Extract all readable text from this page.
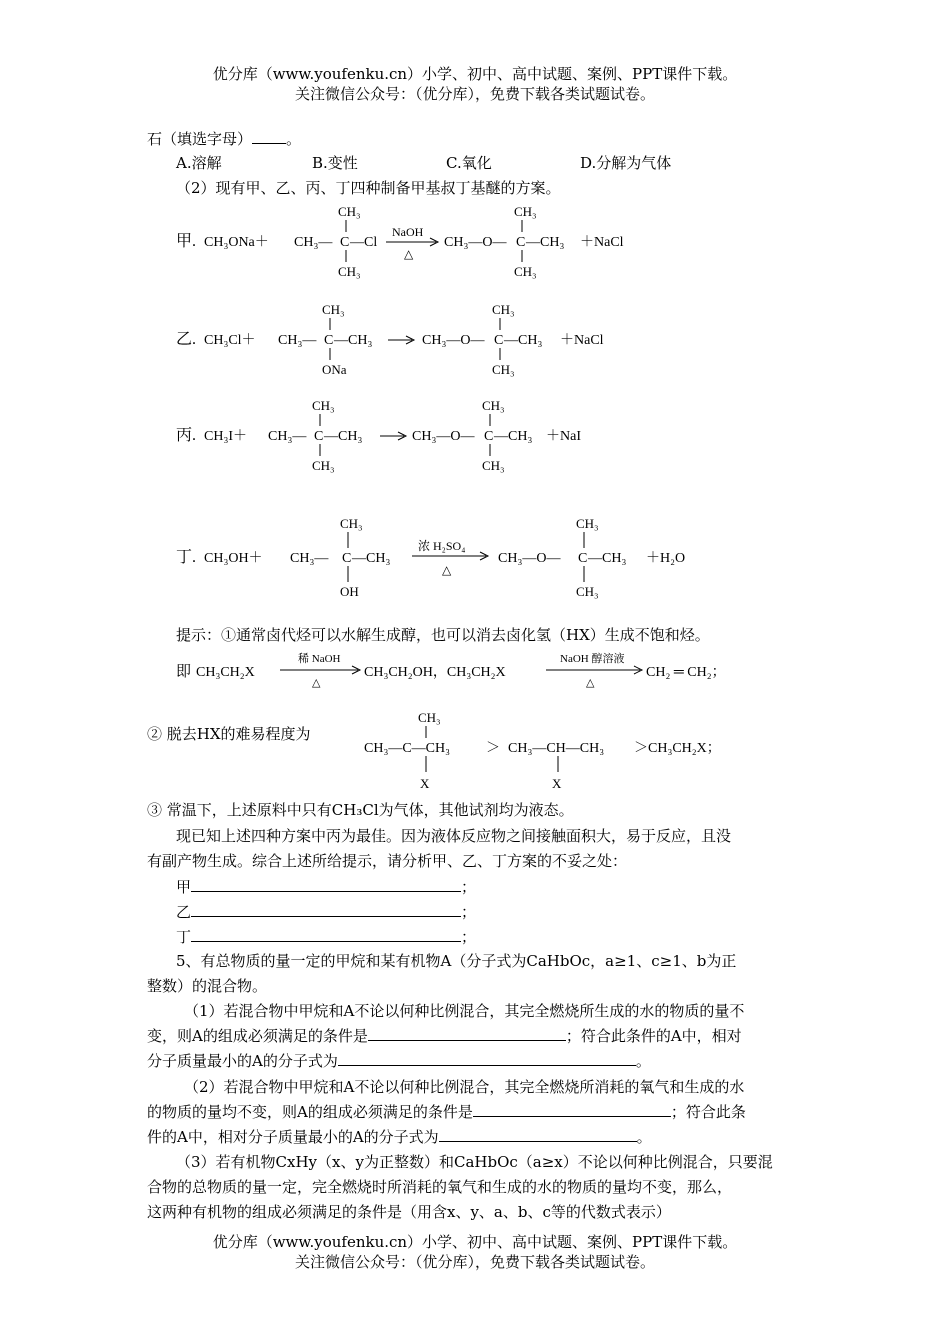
优分库（www.youfenku.cn）小学、初中、高中试题、案例、PPT课件下载。
关注微信公众号：（优分库），免费下载各类试题试卷。
石（填选字母） 。
A.溶解	B.变性	C.氧化	D.分解为气体
（2）现有甲、乙、丙、丁四种制备甲基叔丁基醚的方案。
甲. CH₃ONa＋ CH₃—
CH₃
C — Cl
CH₃
NaOH
△
CH₃—O—
CH₃
C —CH₃
CH₃
＋NaCl
乙. CH₃Cl＋ CH₃—
CH₃
C —CH₃
ONa
CH₃—O—
CH₃
C —CH₃
CH₃
＋NaCl
丙. CH₃I＋ CH₃—
CH₃
C —CH₃
CH₃
CH₃—O—
CH₃
C —CH₃
CH₃
＋NaI
丁. CH₃OH＋ CH₃—
CH₃
C —CH₃
OH
浓 H₂SO₄
△
CH₃—O—
CH₃
C —CH₃
CH₃
＋H₂O
提示：①通常卤代烃可以水解生成醇，也可以消去卤化氢（HX）生成不饱和烃。
即 CH₃CH₂X
稀 NaOH
△
CH₃CH₂OH，CH₃CH₂X
NaOH 醇溶液
△
CH₂ ═ CH₂；
② 脱去HX的难易程度为
CH₃
CH₃—C—CH₃
X
＞ CH₃—CH—CH₃
X
＞CH₃CH₂X；
③ 常温下，上述原料中只有CH₃Cl为气体，其他试剂均为液态。
现已知上述四种方案中丙为最佳。因为液体反应物之间接触面积大，易于反应，且没
有副产物生成。综合上述所给提示，请分析甲、乙、丁方案的不妥之处：
甲	；
乙	；
丁	；
5、有总物质的量一定的甲烷和某有机物A（分子式为CaHbOc，a≥1、c≥1、b为正
整数）的混合物。
（1）若混合物中甲烷和A不论以何种比例混合，其完全燃烧所生成的水的物质的量不
变，则A的组成必须满足的条件是	；符合此条件的A中，相对
分子质量最小的A的分子式为	。
（2）若混合物中甲烷和A不论以何种比例混合，其完全燃烧所消耗的氧气和生成的水
的物质的量均不变，则A的组成必须满足的条件是	；符合此条
件的A中，相对分子质量最小的A的分子式为	。
（3）若有机物CxHy（x、y为正整数）和CaHbOc（a≥x）不论以何种比例混合，只要混
合物的总物质的量一定，完全燃烧时所消耗的氧气和生成的水的物质的量均不变，那么，
这两种有机物的组成必须满足的条件是（用含x、y、a、b、c等的代数式表示）
优分库（www.youfenku.cn）小学、初中、高中试题、案例、PPT课件下载。
关注微信公众号：（优分库），免费下载各类试题试卷。
